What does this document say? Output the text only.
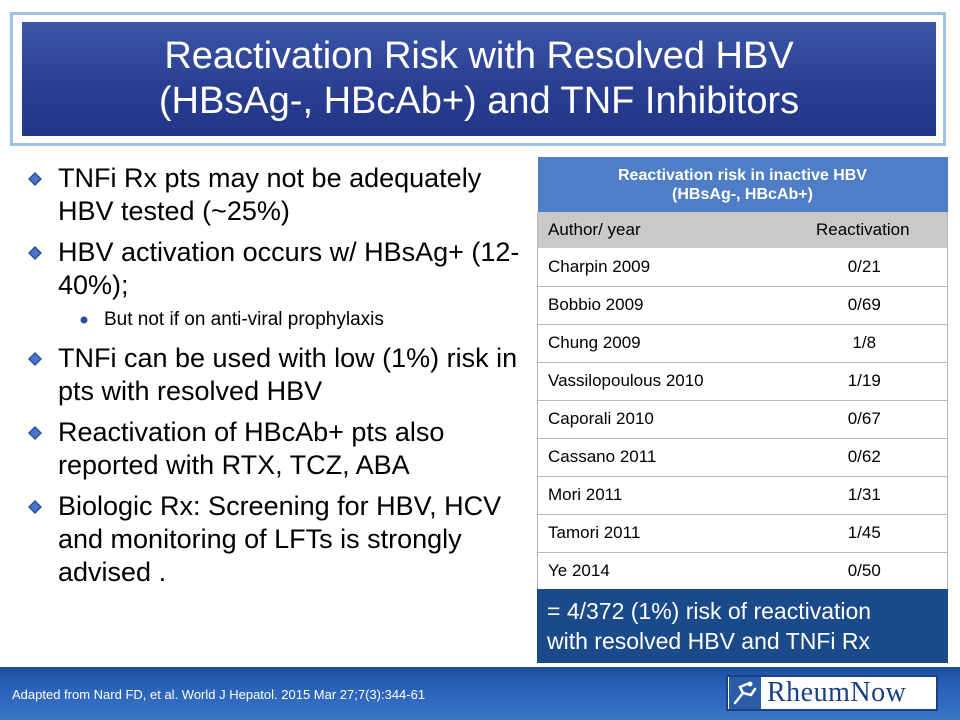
Reactivation Risk with Resolved HBV
(HBsAg-, HBcAb+) and TNF Inhibitors
TNFi Rx pts may not be adequately HBV tested (~25%)
HBV activation occurs w/ HBsAg+ (12-40%);
But not if on anti-viral prophylaxis
TNFi can be used with low (1%) risk in pts with resolved HBV
Reactivation of HBcAb+ pts also reported with RTX, TCZ, ABA
Biologic Rx: Screening for HBV, HCV and monitoring of LFTs is strongly advised .
Reactivation risk in inactive HBV
(HBsAg-, HBcAb+)	

Author/ year	Reactivation
Charpin 2009	0/21
Bobbio 2009	0/69
Chung 2009	1/8
Vassilopoulous 2010	1/19
Caporali 2010	0/67
Cassano 2011	0/62
Mori 2011	1/31
Tamori 2011	1/45
Ye 2014	0/50
= 4/372 (1%) risk of reactivation
with resolved HBV and TNFi Rx
Adapted from Nard FD, et al. World J Hepatol. 2015 Mar 27;7(3):344-61	RheumNow
